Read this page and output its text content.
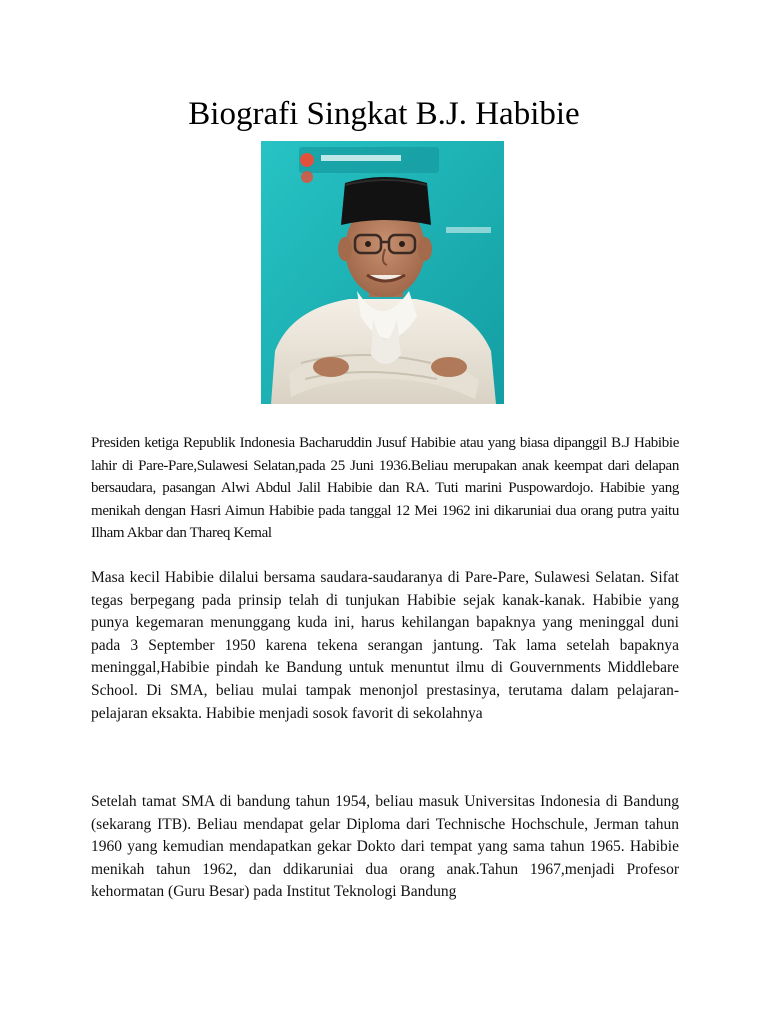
Biografi Singkat B.J. Habibie

Presiden ketiga Republik Indonesia Bacharuddin Jusuf Habibie atau yang biasa dipanggil B.J Habibie lahir di Pare-Pare,Sulawesi Selatan,pada 25 Juni 1936.Beliau merupakan anak keempat dari delapan bersaudara, pasangan Alwi Abdul Jalil Habibie dan RA. Tuti marini Puspowardojo. Habibie yang menikah dengan Hasri Aimun Habibie pada tanggal 12 Mei 1962 ini dikaruniai dua orang putra yaitu Ilham Akbar dan Thareq Kemal

Masa kecil Habibie dilalui bersama saudara-saudaranya di Pare-Pare, Sulawesi Selatan. Sifat tegas berpegang pada prinsip telah di tunjukan Habibie sejak kanak-kanak. Habibie yang punya kegemaran menunggang kuda ini, harus kehilangan bapaknya yang meninggal duni pada 3 September 1950 karena tekena serangan jantung. Tak lama setelah bapaknya meninggal,Habibie pindah ke Bandung untuk menuntut ilmu di Gouvernments Middlebare School. Di SMA, beliau mulai tampak menonjol prestasinya, terutama dalam pelajaran-pelajaran eksakta. Habibie menjadi sosok favorit di sekolahnya

Setelah tamat SMA di bandung tahun 1954, beliau masuk Universitas Indonesia di Bandung (sekarang ITB). Beliau mendapat gelar Diploma dari Technische Hochschule, Jerman tahun 1960 yang kemudian mendapatkan gekar Dokto dari tempat yang sama tahun 1965. Habibie menikah tahun 1962, dan ddikaruniai dua orang anak.Tahun 1967,menjadi Profesor kehormatan (Guru Besar) pada Institut Teknologi Bandung
